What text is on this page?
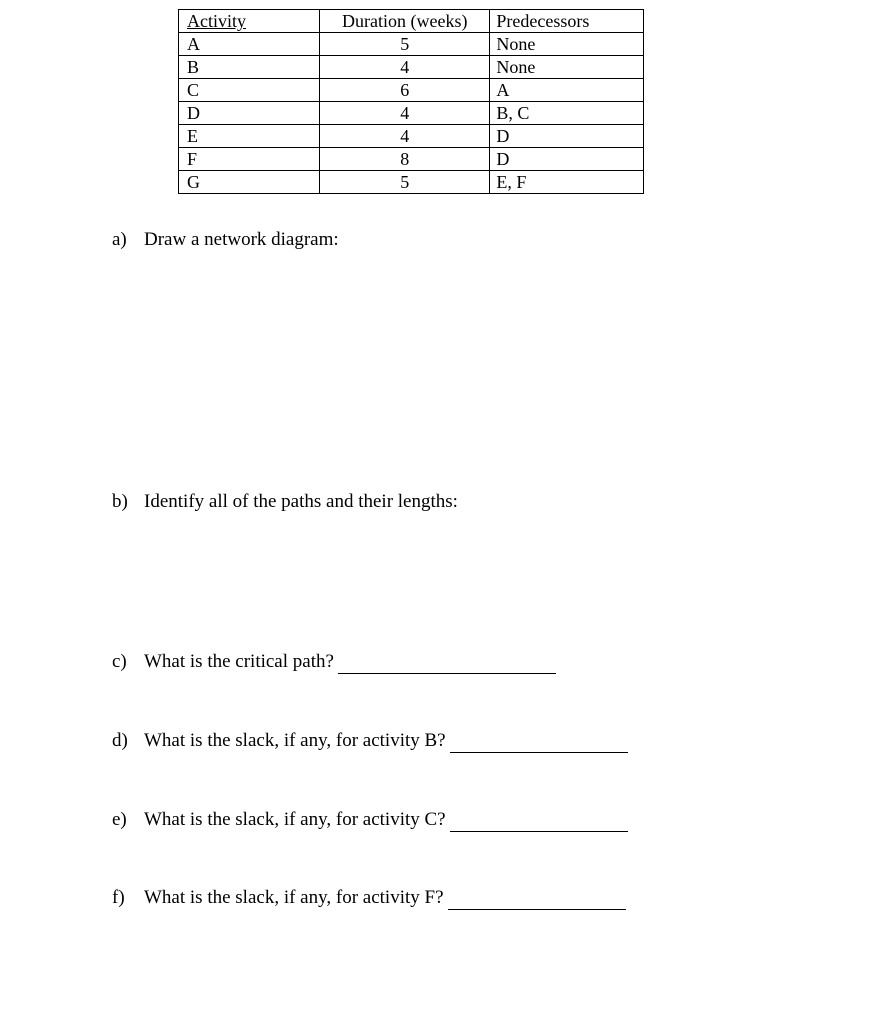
Activity	Duration (weeks)	Predecessors
A	5	None
B	4	None
C	6	A
D	4	B, C
E	4	D
F	8	D
G	5	E, F
a) Draw a network diagram:
b) Identify all of the paths and their lengths:
c) What is the critical path?
d) What is the slack, if any, for activity B?
e) What is the slack, if any, for activity C?
f)	What is the slack, if any, for activity F?
